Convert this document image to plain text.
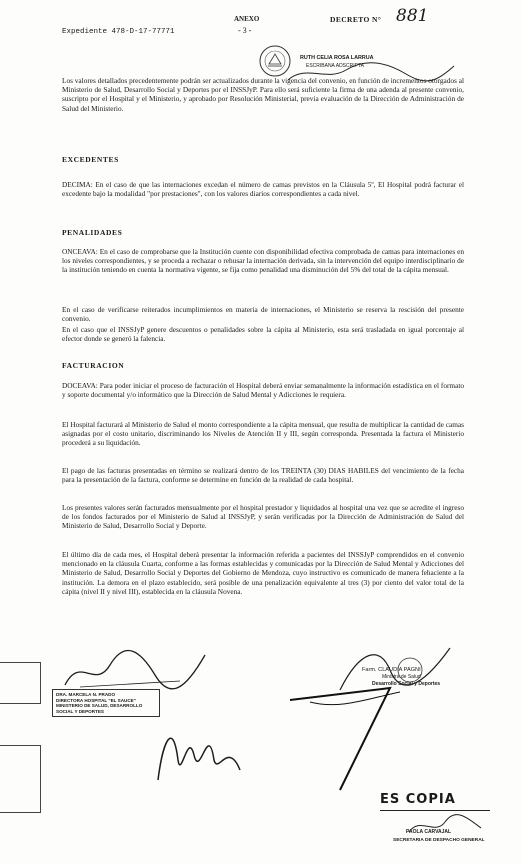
Expediente 478-D-17-77771
ANEXO
- 3 -
DECRETO N° 881
RUTH CELIA ROSA LARRUA
ESCRIBANA ADSCRIPTA
Los valores detallados precedentemente podrán ser actualizados durante la vigencia del convenio, en función de incrementos otorgados al Ministerio de Salud, Desarrollo Social y Deportes por el INSSJyP. Para ello será suficiente la firma de una adenda al presente convenio, suscripto por el Hospital y el Ministerio, y aprobado por Resolución Ministerial, previa evaluación de la Dirección de Administración de Salud del Ministerio.
EXCEDENTES
DECIMA: En el caso de que las internaciones excedan el número de camas previstos en la Cláusula 5º, El Hospital podrá facturar el excedente bajo la modalidad "por prestaciones", con los valores diarios correspondientes a cada nivel.
PENALIDADES
ONCEAVA: En el caso de comprobarse que la Institución cuente con disponibilidad efectiva comprobada de camas para internaciones en los niveles correspondientes, y se proceda a rechazar o rehusar la internación derivada, sin la intervención del equipo interdisciplinario de la institución teniendo en cuenta la normativa vigente, se fija como penalidad una disminución del 5% del total de la cápita mensual.
En el caso de verificarse reiterados incumplimientos en materia de internaciones, el Ministerio se reserva la rescisión del presente convenio.
En el caso que el INSSJyP genere descuentos o penalidades sobre la cápita al Ministerio, esta será trasladada en igual porcentaje al efector donde se generó la falencia.
FACTURACION
DOCEAVA: Para poder iniciar el proceso de facturación el Hospital deberá enviar semanalmente la información estadística en el formato y soporte documental y/o informático que la Dirección de Salud Mental y Adicciones le requiera.
El Hospital facturará al Ministerio de Salud el monto correspondiente a la cápita mensual, que resulta de multiplicar la cantidad de camas asignadas por el costo unitario, discriminando los Niveles de Atención II y III, según corresponda. Presentada la factura el Ministerio procederá a su liquidación.
El pago de las facturas presentadas en término se realizará dentro de los TREINTA (30) DIAS HABILES del vencimiento de la fecha para la presentación de la factura, conforme se determine en función de la realidad de cada hospital.
Los presentes valores serán facturados mensualmente por el hospital prestador y liquidados al hospital una vez que se acredite el ingreso de los fondos facturados por el Ministerio de Salud al INSSJyP, y serán verificadas por la Dirección de Administración de Salud del Ministerio de Salud, Desarrollo Social y Deporte.
El último día de cada mes, el Hospital deberá presentar la información referida a pacientes del INSSJyP comprendidos en el convenio mencionado en la cláusula Cuarta, conforme a las formas establecidas y comunicadas por la Dirección de Salud Mental y Adicciones del Ministerio de Salud, Desarrollo Social y Deportes del Gobierno de Mendoza, cuyo instructivo es comunicado de manera fehaciente a la institución. La demora en el plazo establecido, será posible de una penalización equivalente al tres (3) por ciento del valor total de la cápita (nivel II y nivel III), establecida en la cláusula Novena.
DRA. MARCELA N. PRADO
DIRECTORA HOSPITAL "EL SAUCE"
MINISTERIO DE SALUD, DESARROLLO
SOCIAL Y DEPORTES
Farm. CLAUDIA PAGNI
Ministra de Salud
Desarrollo Social y Deportes
ES COPIA
PAOLA CARVAJAL
SECRETARIA DE DESPACHO GENERAL
